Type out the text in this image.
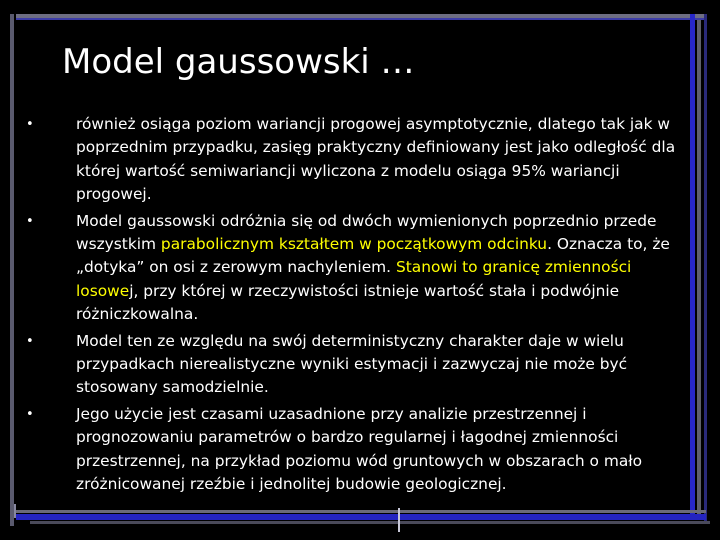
Model gaussowski …
•	również osiąga poziom wariancji progowej asymptotycznie, dlatego tak jak w poprzednim przypadku, zasięg praktyczny definiowany jest jako odległość dla której wartość semiwariancji wyliczona z modelu osiąga 95% wariancji progowej.
•	Model gaussowski odróżnia się od dwóch wymienionych poprzednio przede wszystkim parabolicznym kształtem w początkowym odcinku. Oznacza to, że „dotyka” on osi z zerowym nachyleniem. Stanowi to granicę zmienności losowej, przy której w rzeczywistości istnieje wartość stała i podwójnie różniczkowalna.
•	Model ten ze względu na swój deterministyczny charakter daje w wielu przypadkach nierealistyczne wyniki estymacji i zazwyczaj nie może być stosowany samodzielnie.
•	Jego użycie jest czasami uzasadnione przy analizie przestrzennej i prognozowaniu parametrów o bardzo regularnej i łagodnej zmienności przestrzennej, na przykład poziomu wód gruntowych w obszarach o mało zróżnicowanej rzeźbie i jednolitej budowie geologicznej.
